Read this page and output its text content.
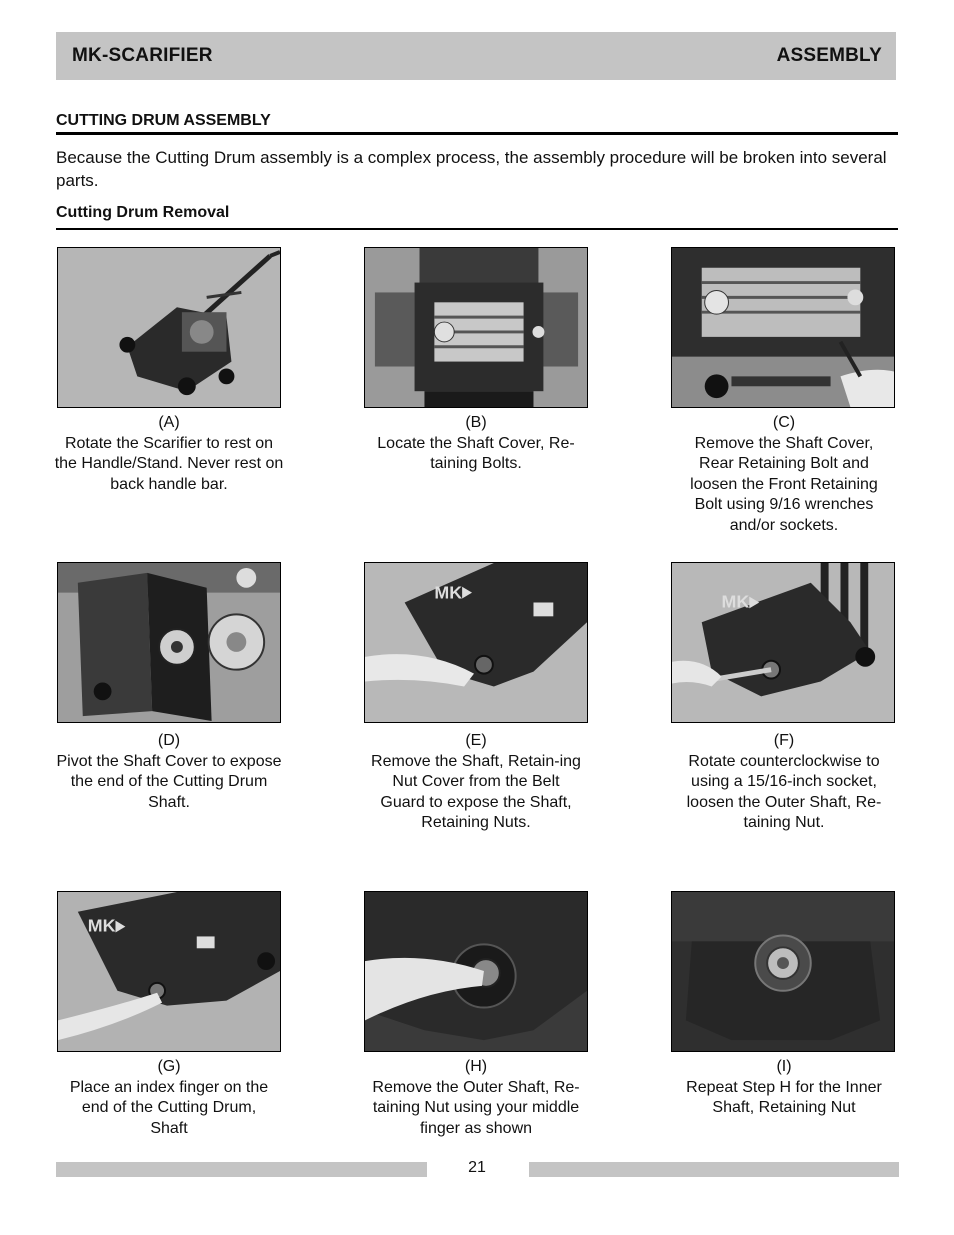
MK-SCARIFIER	ASSEMBLY
CUTTING DRUM ASSEMBLY
Because the Cutting Drum assembly is a complex process, the assembly procedure will be broken into several parts.
Cutting Drum Removal
(A)
Rotate the Scarifier to rest on the Handle/Stand. Never rest on back handle bar.
(B)
Locate the Shaft Cover, Re-taining Bolts.
(C)
Remove the Shaft Cover, Rear Retaining Bolt and loosen the Front Retaining Bolt using 9/16 wrenches and/or sockets.
MK	MK
(D)
Pivot the Shaft Cover to expose the end of the Cutting Drum Shaft.
(E)
Remove the Shaft, Retain-ing Nut Cover from the Belt Guard to expose the Shaft, Retaining Nuts.
(F)
Rotate counterclockwise to using a 15/16-inch socket, loosen the Outer Shaft, Re-taining Nut.
MK
(G)
Place an index finger on the end of the Cutting Drum, Shaft
(H)
Remove the Outer Shaft, Re-taining Nut using your middle finger as shown
(I)
Repeat Step H for the Inner Shaft, Retaining Nut
21
